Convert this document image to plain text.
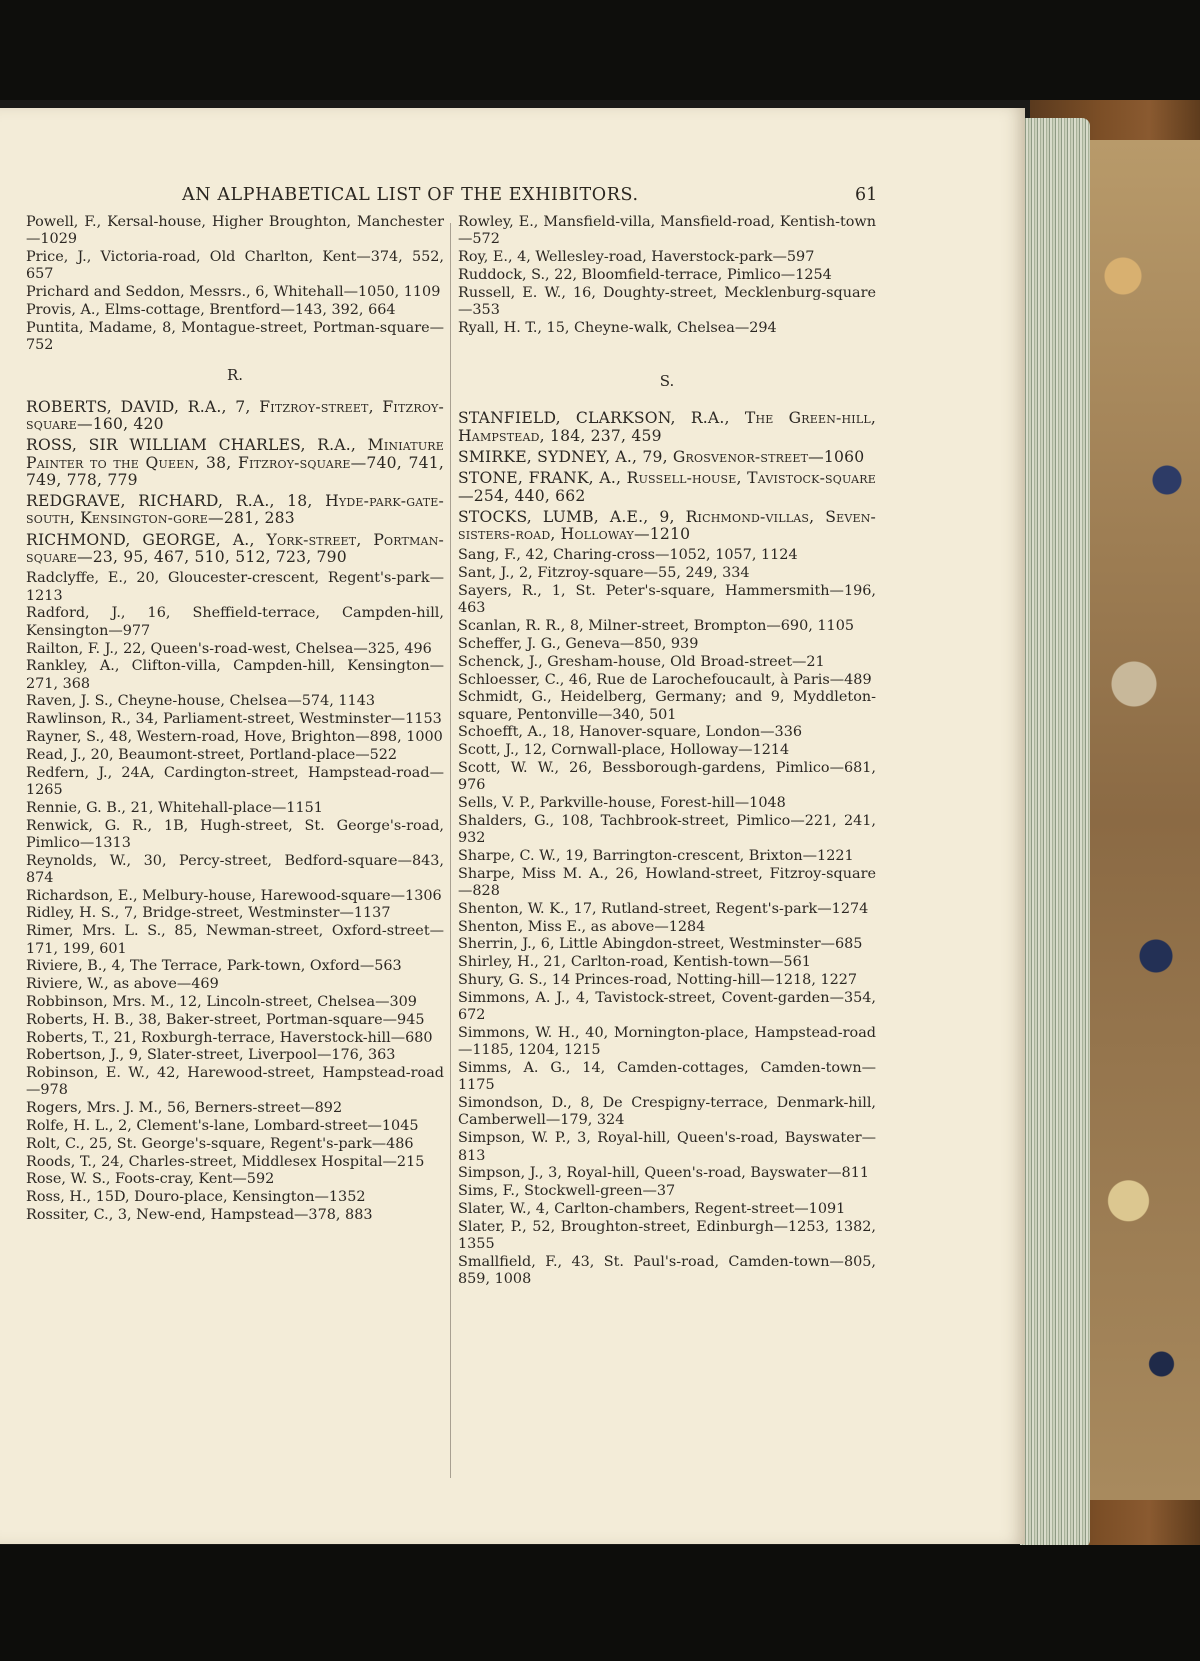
AN ALPHABETICAL LIST OF THE EXHIBITORS.	61
Powell, F., Kersal-house, Higher Broughton, Manchester—1029
Price, J., Victoria-road, Old Charlton, Kent—374, 552, 657
Prichard and Seddon, Messrs., 6, Whitehall—1050, 1109
Provis, A., Elms-cottage, Brentford—143, 392, 664
Puntita, Madame, 8, Montague-street, Portman-square—752
R.
ROBERTS, DAVID, R.A., 7, Fitzroy-street, Fitzroy-square—160, 420
ROSS, SIR WILLIAM CHARLES, R.A., Miniature Painter to the Queen, 38, Fitzroy-square—740, 741, 749, 778, 779
REDGRAVE, RICHARD, R.A., 18, Hyde-park-gate-south, Kensington-gore—281, 283
RICHMOND, GEORGE, A., York-street, Portman-square—23, 95, 467, 510, 512, 723, 790
Radclyffe, E., 20, Gloucester-crescent, Regent's-park—1213
Radford, J., 16, Sheffield-terrace, Campden-hill, Kensington—977
Railton, F. J., 22, Queen's-road-west, Chelsea—325, 496
Rankley, A., Clifton-villa, Campden-hill, Kensington—271, 368
Raven, J. S., Cheyne-house, Chelsea—574, 1143
Rawlinson, R., 34, Parliament-street, Westminster—1153
Rayner, S., 48, Western-road, Hove, Brighton—898, 1000
Read, J., 20, Beaumont-street, Portland-place—522
Redfern, J., 24A, Cardington-street, Hampstead-road—1265
Rennie, G. B., 21, Whitehall-place—1151
Renwick, G. R., 1B, Hugh-street, St. George's-road, Pimlico—1313
Reynolds, W., 30, Percy-street, Bedford-square—843, 874
Richardson, E., Melbury-house, Harewood-square—1306
Ridley, H. S., 7, Bridge-street, Westminster—1137
Rimer, Mrs. L. S., 85, Newman-street, Oxford-street—171, 199, 601
Riviere, B., 4, The Terrace, Park-town, Oxford—563
Riviere, W., as above—469
Robbinson, Mrs. M., 12, Lincoln-street, Chelsea—309
Roberts, H. B., 38, Baker-street, Portman-square—945
Roberts, T., 21, Roxburgh-terrace, Haverstock-hill—680
Robertson, J., 9, Slater-street, Liverpool—176, 363
Robinson, E. W., 42, Harewood-street, Hampstead-road—978
Rogers, Mrs. J. M., 56, Berners-street—892
Rolfe, H. L., 2, Clement's-lane, Lombard-street—1045
Rolt, C., 25, St. George's-square, Regent's-park—486
Roods, T., 24, Charles-street, Middlesex Hospital—215
Rose, W. S., Foots-cray, Kent—592
Ross, H., 15D, Douro-place, Kensington—1352
Rossiter, C., 3, New-end, Hampstead—378, 883
Rowley, E., Mansfield-villa, Mansfield-road, Kentish-town—572
Roy, E., 4, Wellesley-road, Haverstock-park—597
Ruddock, S., 22, Bloomfield-terrace, Pimlico—1254
Russell, E. W., 16, Doughty-street, Mecklenburg-square—353
Ryall, H. T., 15, Cheyne-walk, Chelsea—294
S.
STANFIELD, CLARKSON, R.A., The Green-hill, Hampstead, 184, 237, 459
SMIRKE, SYDNEY, A., 79, Grosvenor-street—1060
STONE, FRANK, A., Russell-house, Tavistock-square—254, 440, 662
STOCKS, LUMB, A.E., 9, Richmond-villas, Seven-sisters-road, Holloway—1210
Sang, F., 42, Charing-cross—1052, 1057, 1124
Sant, J., 2, Fitzroy-square—55, 249, 334
Sayers, R., 1, St. Peter's-square, Hammersmith—196, 463
Scanlan, R. R., 8, Milner-street, Brompton—690, 1105
Scheffer, J. G., Geneva—850, 939
Schenck, J., Gresham-house, Old Broad-street—21
Schloesser, C., 46, Rue de Larochefoucault, à Paris—489
Schmidt, G., Heidelberg, Germany; and 9, Myddleton-square, Pentonville—340, 501
Schoefft, A., 18, Hanover-square, London—336
Scott, J., 12, Cornwall-place, Holloway—1214
Scott, W. W., 26, Bessborough-gardens, Pimlico—681, 976
Sells, V. P., Parkville-house, Forest-hill—1048
Shalders, G., 108, Tachbrook-street, Pimlico—221, 241, 932
Sharpe, C. W., 19, Barrington-crescent, Brixton—1221
Sharpe, Miss M. A., 26, Howland-street, Fitzroy-square—828
Shenton, W. K., 17, Rutland-street, Regent's-park—1274
Shenton, Miss E., as above—1284
Sherrin, J., 6, Little Abingdon-street, Westminster—685
Shirley, H., 21, Carlton-road, Kentish-town—561
Shury, G. S., 14 Princes-road, Notting-hill—1218, 1227
Simmons, A. J., 4, Tavistock-street, Covent-garden—354, 672
Simmons, W. H., 40, Mornington-place, Hampstead-road—1185, 1204, 1215
Simms, A. G., 14, Camden-cottages, Camden-town—1175
Simondson, D., 8, De Crespigny-terrace, Denmark-hill, Camberwell—179, 324
Simpson, W. P., 3, Royal-hill, Queen's-road, Bayswater—813
Simpson, J., 3, Royal-hill, Queen's-road, Bayswater—811
Sims, F., Stockwell-green—37
Slater, W., 4, Carlton-chambers, Regent-street—1091
Slater, P., 52, Broughton-street, Edinburgh—1253, 1382, 1355
Smallfield, F., 43, St. Paul's-road, Camden-town—805, 859, 1008
